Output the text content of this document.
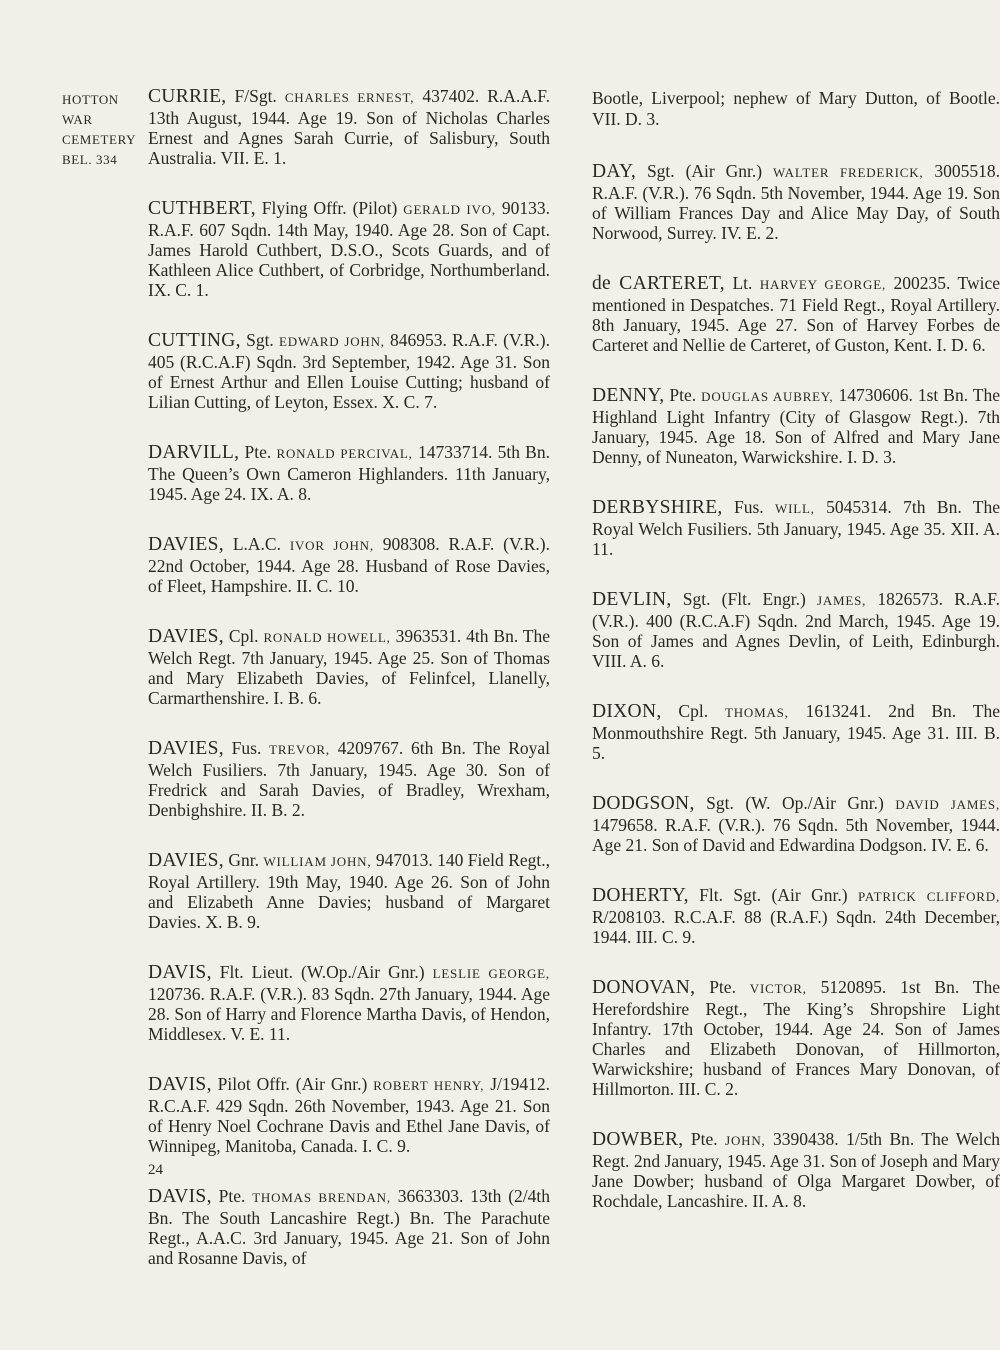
HOTTON
WAR
CEMETERY
BEL. 334

CURRIE, F/Sgt. CHARLES ERNEST, 437402. R.A.A.F. 13th August, 1944. Age 19. Son of Nicholas Charles Ernest and Agnes Sarah Currie, of Salisbury, South Australia. VII. E. 1.

CUTHBERT, Flying Offr. (Pilot) GERALD IVO, 90133. R.A.F. 607 Sqdn. 14th May, 1940. Age 28. Son of Capt. James Harold Cuthbert, D.S.O., Scots Guards, and of Kathleen Alice Cuthbert, of Corbridge, Northumberland. IX. C. 1.

CUTTING, Sgt. EDWARD JOHN, 846953. R.A.F. (V.R.). 405 (R.C.A.F) Sqdn. 3rd September, 1942. Age 31. Son of Ernest Arthur and Ellen Louise Cutting; husband of Lilian Cutting, of Leyton, Essex. X. C. 7.

DARVILL, Pte. RONALD PERCIVAL, 14733714. 5th Bn. The Queen’s Own Cameron Highlanders. 11th January, 1945. Age 24. IX. A. 8.

DAVIES, L.A.C. IVOR JOHN, 908308. R.A.F. (V.R.). 22nd October, 1944. Age 28. Husband of Rose Davies, of Fleet, Hampshire. II. C. 10.

DAVIES, Cpl. RONALD HOWELL, 3963531. 4th Bn. The Welch Regt. 7th January, 1945. Age 25. Son of Thomas and Mary Elizabeth Davies, of Felinfcel, Llanelly, Carmarthenshire. I. B. 6.

DAVIES, Fus. TREVOR, 4209767. 6th Bn. The Royal Welch Fusiliers. 7th January, 1945. Age 30. Son of Fredrick and Sarah Davies, of Bradley, Wrexham, Denbighshire. II. B. 2.

DAVIES, Gnr. WILLIAM JOHN, 947013. 140 Field Regt., Royal Artillery. 19th May, 1940. Age 26. Son of John and Elizabeth Anne Davies; husband of Margaret Davies. X. B. 9.

DAVIS, Flt. Lieut. (W.Op./Air Gnr.) LESLIE GEORGE, 120736. R.A.F. (V.R.). 83 Sqdn. 27th January, 1944. Age 28. Son of Harry and Florence Martha Davis, of Hendon, Middlesex. V. E. 11.

DAVIS, Pilot Offr. (Air Gnr.) ROBERT HENRY, J/19412. R.C.A.F. 429 Sqdn. 26th November, 1943. Age 21. Son of Henry Noel Cochrane Davis and Ethel Jane Davis, of Winnipeg, Manitoba, Canada. I. C. 9.

DAVIS, Pte. THOMAS BRENDAN, 3663303. 13th (2/4th Bn. The South Lancashire Regt.) Bn. The Parachute Regt., A.A.C. 3rd January, 1945. Age 21. Son of John and Rosanne Davis, of

Bootle, Liverpool; nephew of Mary Dutton, of Bootle. VII. D. 3.

DAY, Sgt. (Air Gnr.) WALTER FREDERICK, 3005518. R.A.F. (V.R.). 76 Sqdn. 5th November, 1944. Age 19. Son of William Frances Day and Alice May Day, of South Norwood, Surrey. IV. E. 2.

de CARTERET, Lt. HARVEY GEORGE, 200235. Twice mentioned in Despatches. 71 Field Regt., Royal Artillery. 8th January, 1945. Age 27. Son of Harvey Forbes de Carteret and Nellie de Carteret, of Guston, Kent. I. D. 6.

DENNY, Pte. DOUGLAS AUBREY, 14730606. 1st Bn. The Highland Light Infantry (City of Glasgow Regt.). 7th January, 1945. Age 18. Son of Alfred and Mary Jane Denny, of Nuneaton, Warwickshire. I. D. 3.

DERBYSHIRE, Fus. WILL, 5045314. 7th Bn. The Royal Welch Fusiliers. 5th January, 1945. Age 35. XII. A. 11.

DEVLIN, Sgt. (Flt. Engr.) JAMES, 1826573. R.A.F. (V.R.). 400 (R.C.A.F) Sqdn. 2nd March, 1945. Age 19. Son of James and Agnes Devlin, of Leith, Edinburgh. VIII. A. 6.

DIXON, Cpl. THOMAS, 1613241. 2nd Bn. The Monmouthshire Regt. 5th January, 1945. Age 31. III. B. 5.

DODGSON, Sgt. (W. Op./Air Gnr.) DAVID JAMES, 1479658. R.A.F. (V.R.). 76 Sqdn. 5th November, 1944. Age 21. Son of David and Edwardina Dodgson. IV. E. 6.

DOHERTY, Flt. Sgt. (Air Gnr.) PATRICK CLIFFORD, R/208103. R.C.A.F. 88 (R.A.F.) Sqdn. 24th December, 1944. III. C. 9.

DONOVAN, Pte. VICTOR, 5120895. 1st Bn. The Herefordshire Regt., The King’s Shropshire Light Infantry. 17th October, 1944. Age 24. Son of James Charles and Elizabeth Donovan, of Hillmorton, Warwickshire; husband of Frances Mary Donovan, of Hillmorton. III. C. 2.

DOWBER, Pte. JOHN, 3390438. 1/5th Bn. The Welch Regt. 2nd January, 1945. Age 31. Son of Joseph and Mary Jane Dowber; husband of Olga Margaret Dowber, of Rochdale, Lancashire. II. A. 8.

24
